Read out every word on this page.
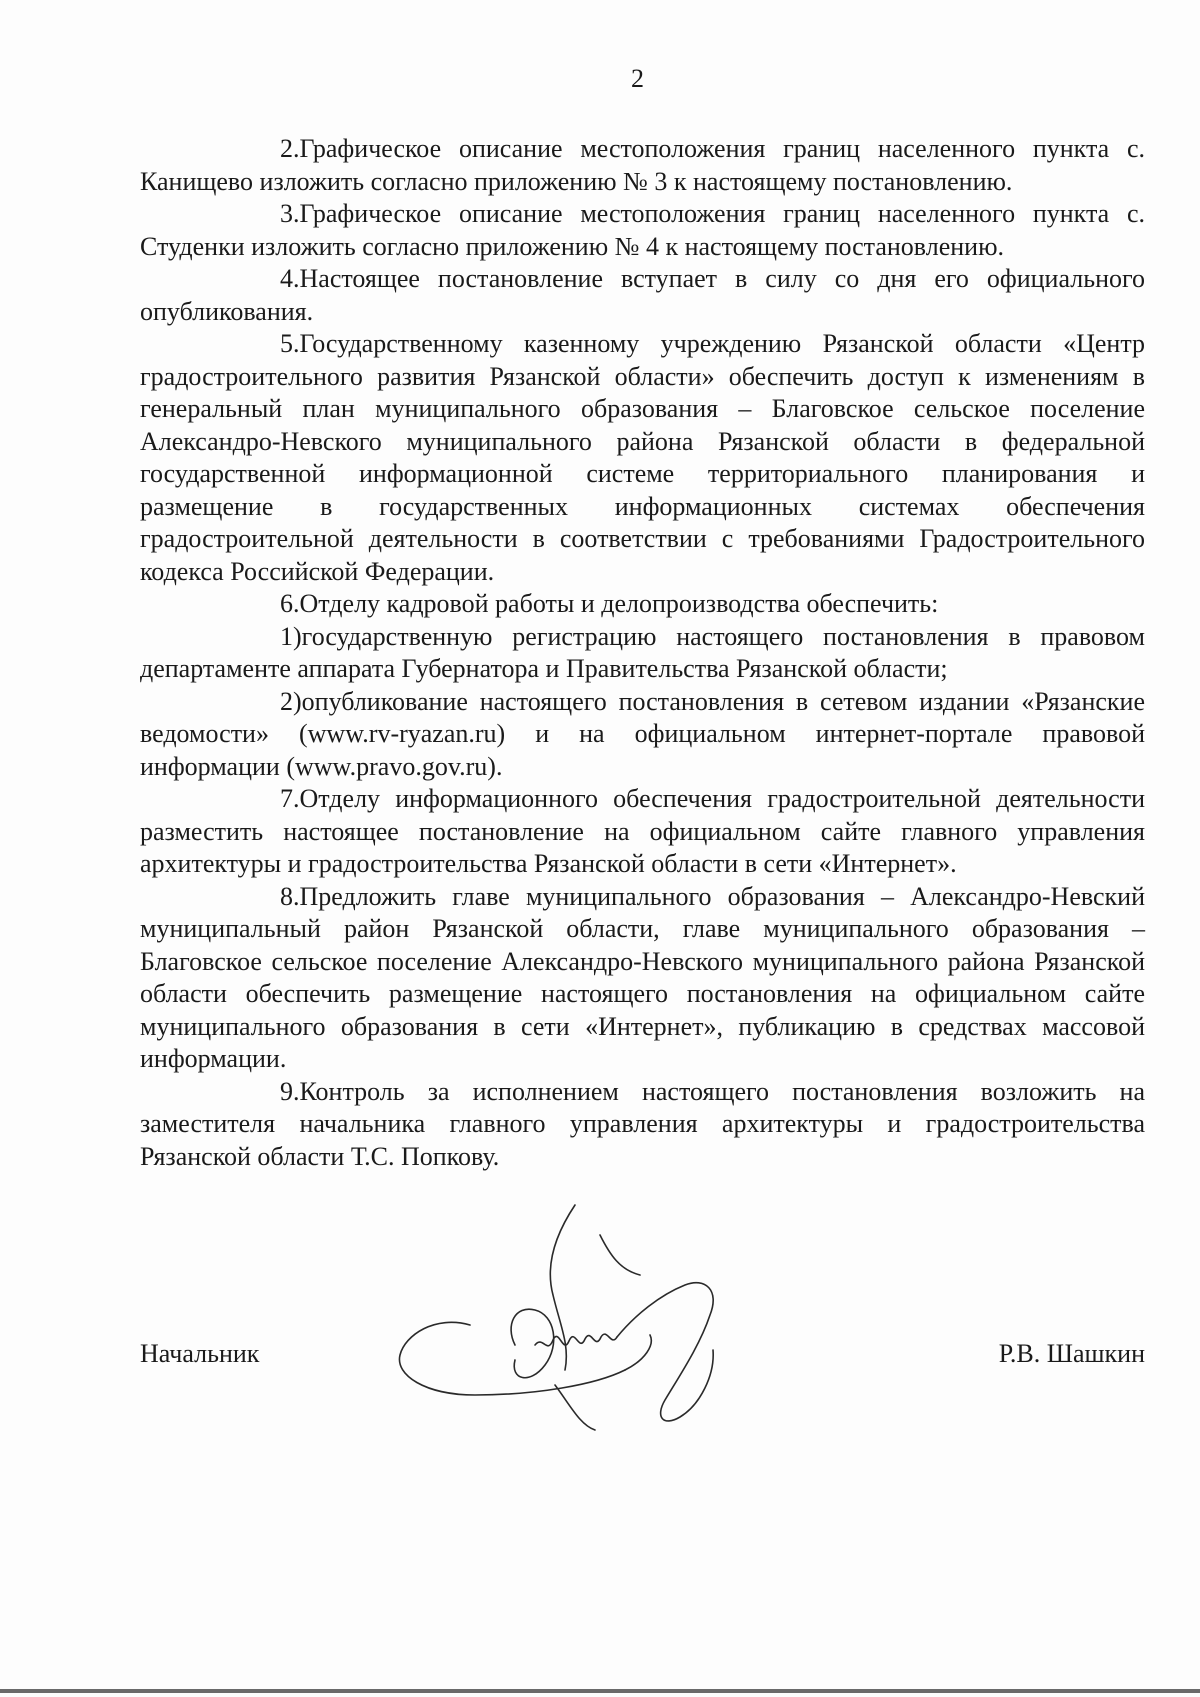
2

2.Графическое описание местоположения границ населенного пункта с. Канищево изложить согласно приложению № 3 к настоящему постановлению.

3.Графическое описание местоположения границ населенного пункта с. Студенки изложить согласно приложению № 4 к настоящему постановлению.

4.Настоящее постановление вступает в силу со дня его официального опубликования.

5.Государственному казенному учреждению Рязанской области «Центр градостроительного развития Рязанской области» обеспечить доступ к изменениям в генеральный план муниципального образования – Благовское сельское поселение Александро-Невского муниципального района Рязанской области в федеральной государственной информационной системе территориального планирования и размещение в государственных информационных системах обеспечения градостроительной деятельности в соответствии с требованиями Градостроительного кодекса Российской Федерации.

6.Отделу кадровой работы и делопроизводства обеспечить:

1)государственную регистрацию настоящего постановления в правовом департаменте аппарата Губернатора и Правительства Рязанской области;

2)опубликование настоящего постановления в сетевом издании «Рязанские ведомости» (www.rv-ryazan.ru) и на официальном интернет-портале правовой информации (www.pravo.gov.ru).

7.Отделу информационного обеспечения градостроительной деятельности разместить настоящее постановление на официальном сайте главного управления архитектуры и градостроительства Рязанской области в сети «Интернет».

8.Предложить главе муниципального образования – Александро-Невский муниципальный район Рязанской области, главе муниципального образования – Благовское сельское поселение Александро-Невского муниципального района Рязанской области обеспечить размещение настоящего постановления на официальном сайте муниципального образования в сети «Интернет», публикацию в средствах массовой информации.

9.Контроль за исполнением настоящего постановления возложить на заместителя начальника главного управления архитектуры и градостроительства Рязанской области Т.С. Попкову.

Начальник	Р.В. Шашкин
